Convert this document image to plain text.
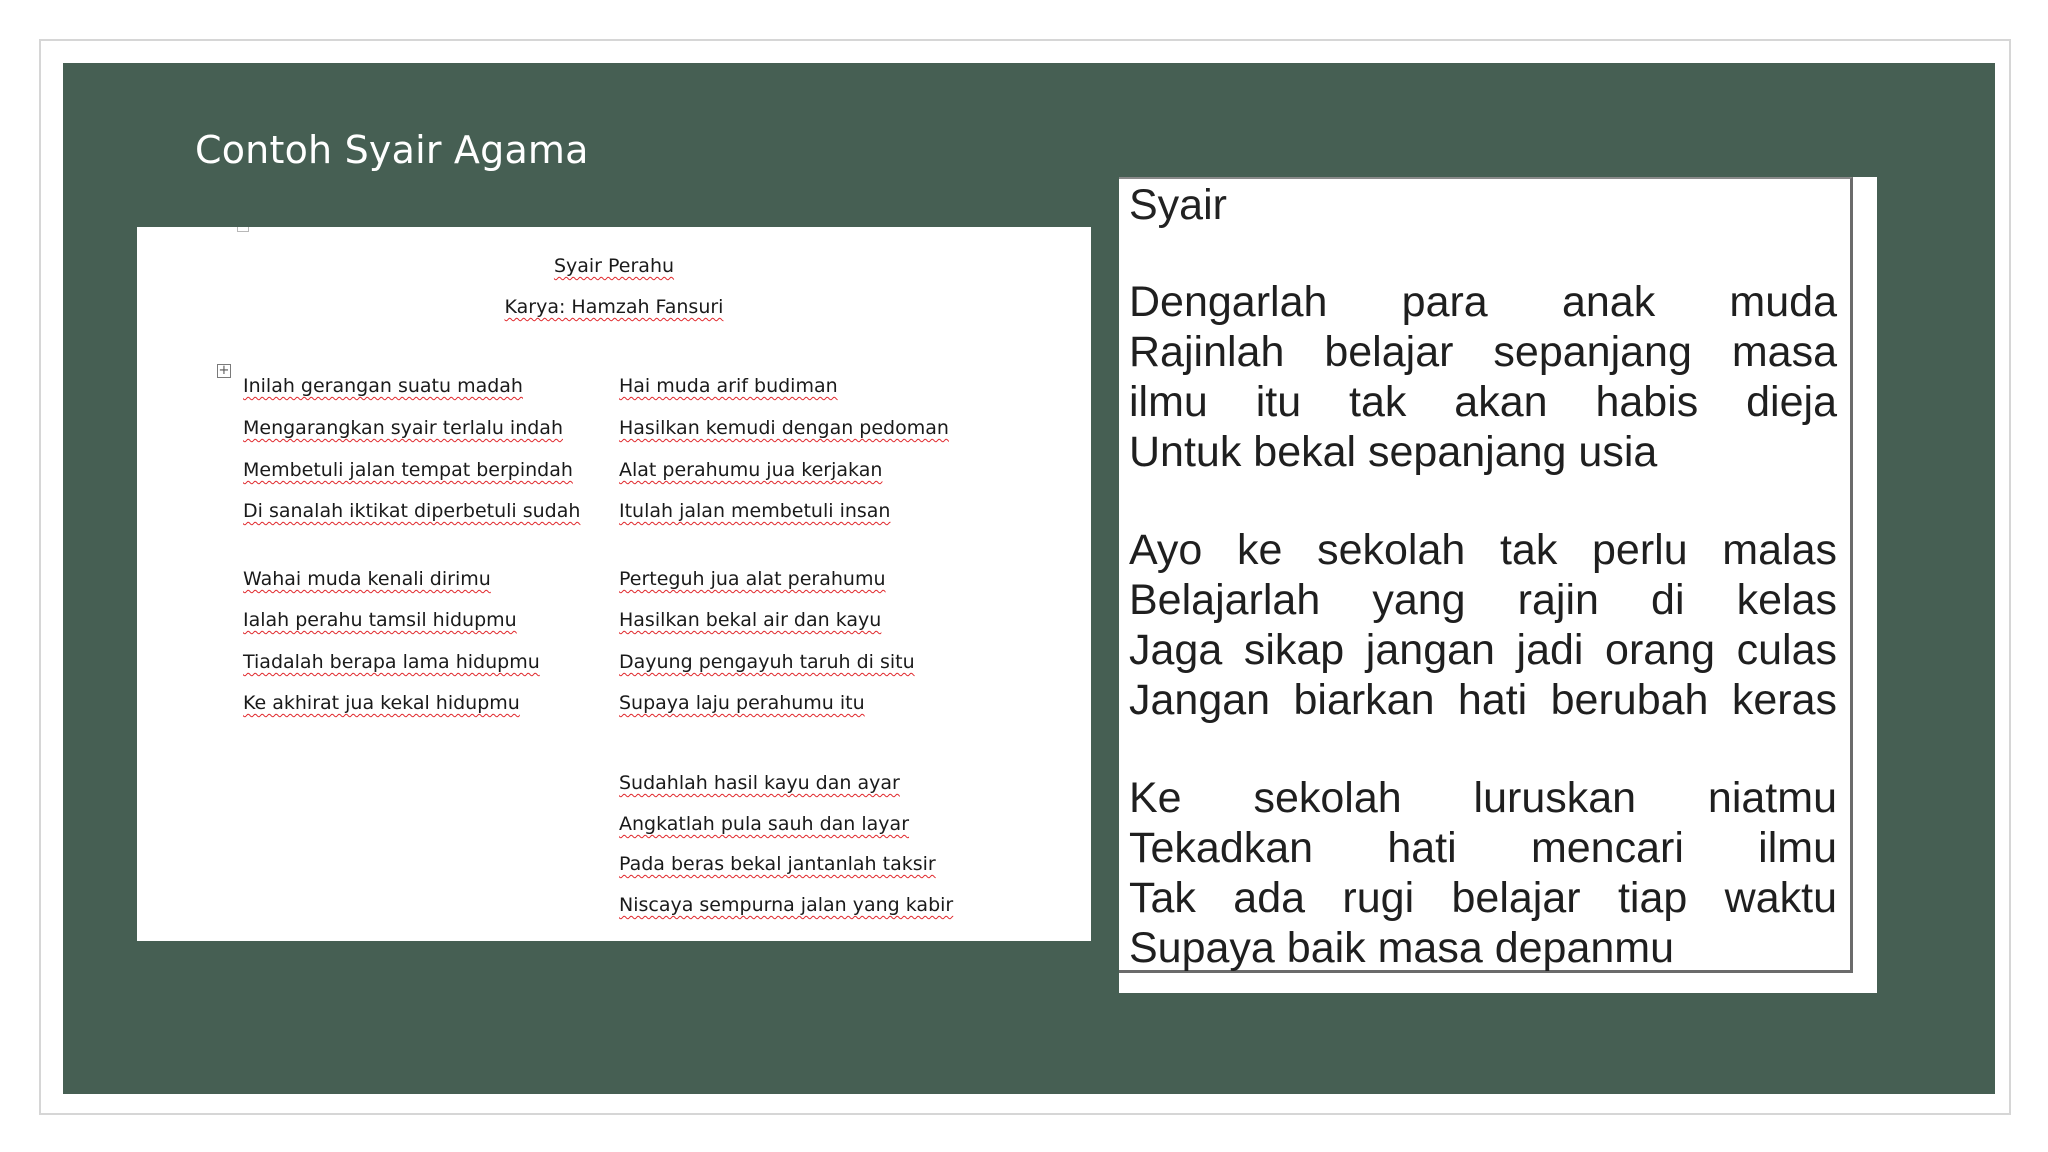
Contoh Syair Agama
Syair Perahu
Karya: Hamzah Fansuri
+
Inilah gerangan suatu madah
Mengarangkan syair terlalu indah
Membetuli jalan tempat berpindah
Di sanalah iktikat diperbetuli sudah
Wahai muda kenali dirimu
Ialah perahu tamsil hidupmu
Tiadalah berapa lama hidupmu
Ke akhirat jua kekal hidupmu
Hai muda arif budiman
Hasilkan kemudi dengan pedoman
Alat perahumu jua kerjakan
Itulah jalan membetuli insan
Perteguh jua alat perahumu
Hasilkan bekal air dan kayu
Dayung pengayuh taruh di situ
Supaya laju perahumu itu
Sudahlah hasil kayu dan ayar
Angkatlah pula sauh dan layar
Pada beras bekal jantanlah taksir
Niscaya sempurna jalan yang kabir
Syair
Dengarlah para anak muda
Rajinlah belajar sepanjang masa
ilmu itu tak akan habis dieja
Untuk bekal sepanjang usia
Ayo ke sekolah tak perlu malas
Belajarlah yang rajin di kelas
Jaga sikap jangan jadi orang culas
Jangan biarkan hati berubah keras
Ke sekolah luruskan niatmu
Tekadkan hati mencari ilmu
Tak ada rugi belajar tiap waktu
Supaya baik masa depanmu
